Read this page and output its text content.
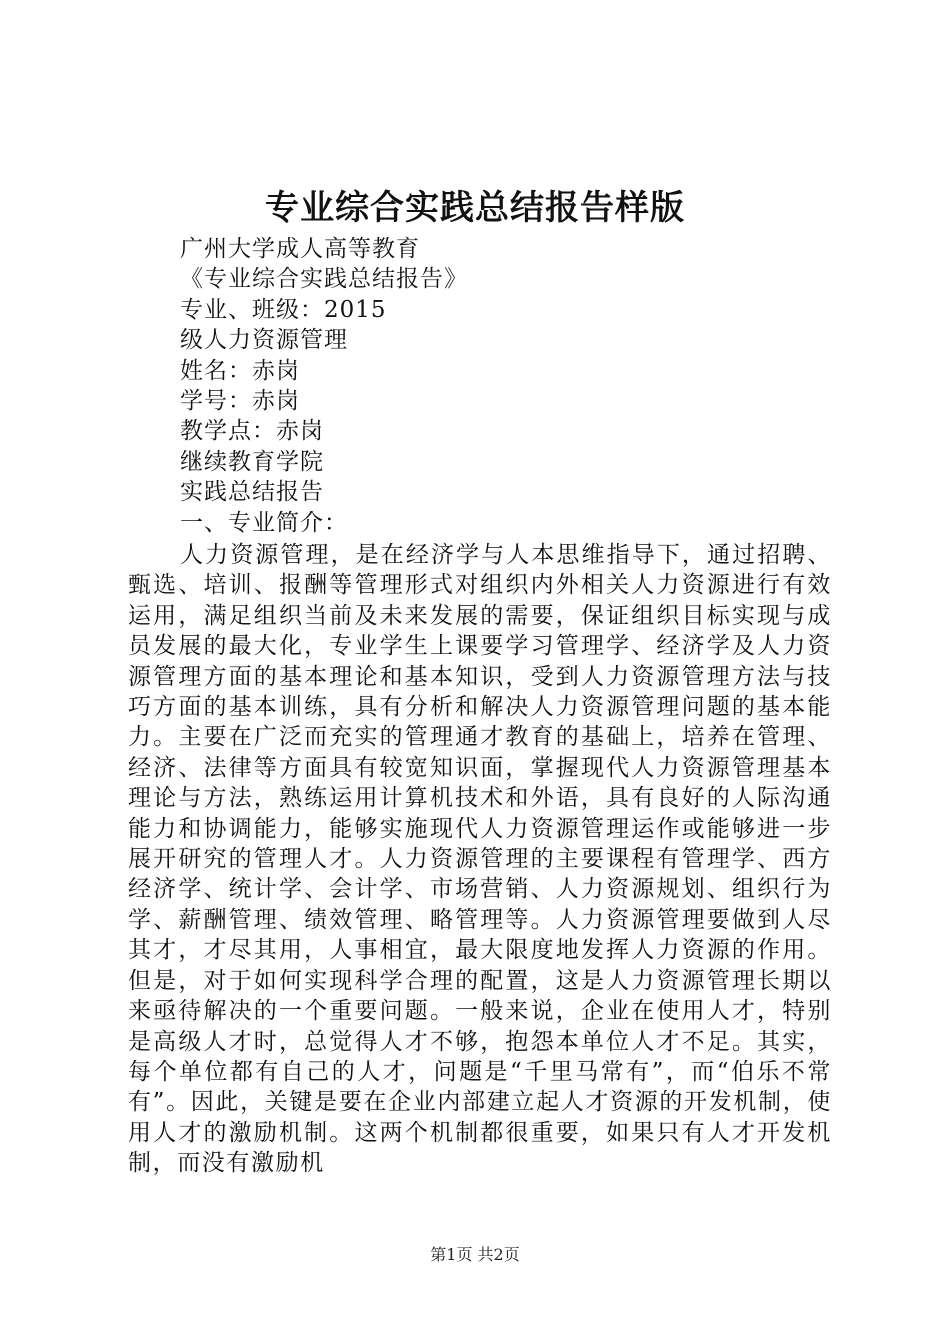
专业综合实践总结报告样版
广州大学成人高等教育
《专业综合实践总结报告》
专业、班级：2015
级人力资源管理
姓名：赤岗
学号：赤岗
教学点：赤岗
继续教育学院
实践总结报告
一、专业简介：

人力资源管理，是在经济学与人本思维指导下，通过招聘、甄选、培训、报酬等管理形式对组织内外相关人力资源进行有效运用，满足组织当前及未来发展的需要，保证组织目标实现与成员发展的最大化，专业学生上课要学习管理学、经济学及人力资源管理方面的基本理论和基本知识，受到人力资源管理方法与技巧方面的基本训练，具有分析和解决人力资源管理问题的基本能力。主要在广泛而充实的管理通才教育的基础上，培养在管理、经济、法律等方面具有较宽知识面，掌握现代人力资源管理基本理论与方法，熟练运用计算机技术和外语，具有良好的人际沟通能力和协调能力，能够实施现代人力资源管理运作或能够进一步展开研究的管理人才。人力资源管理的主要课程有管理学、西方经济学、统计学、会计学、市场营销、人力资源规划、组织行为学、薪酬管理、绩效管理、略管理等。人力资源管理要做到人尽其才，才尽其用，人事相宜，最大限度地发挥人力资源的作用。但是，对于如何实现科学合理的配置，这是人力资源管理长期以来亟待解决的一个重要问题。一般来说，企业在使用人才，特别是高级人才时，总觉得人才不够，抱怨本单位人才不足。其实，每个单位都有自己的人才，问题是“千里马常有”，而“伯乐不常有”。因此，关键是要在企业内部建立起人才资源的开发机制，使用人才的激励机制。这两个机制都很重要，如果只有人才开发机制，而没有激励机

第1页 共2页
